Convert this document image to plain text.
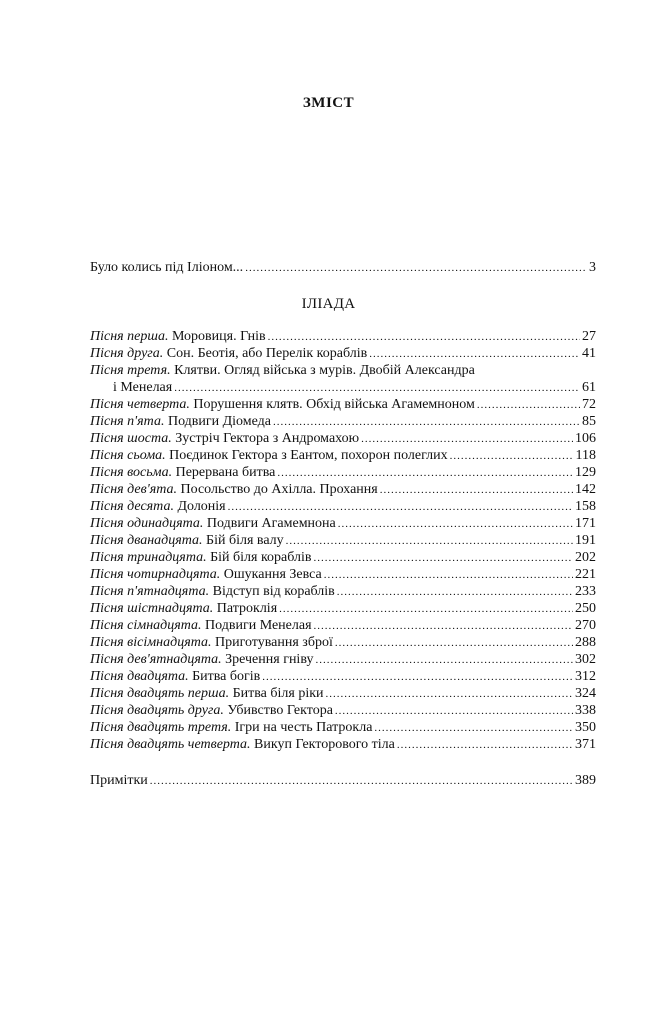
ЗМІСТ
Було колись під Іліоном... .....	3
ІЛІАДА
Пісня перша. Моровиця. Гнів .....	27
Пісня друга. Сон. Беотія, або Перелік кораблів .....	41
Пісня третя. Клятви. Огляд війська з мурів. Двобій Александра
і Менелая .....	61
Пісня четверта. Порушення клятв. Обхід війська Агамемноном .....	72
Пісня п'ята. Подвиги Діомеда .....	85
Пісня шоста. Зустріч Гектора з Андромахою .....	106
Пісня сьома. Поєдинок Гектора з Еантом, похорон полеглих .....	118
Пісня восьма. Перервана битва .....	129
Пісня дев'ята. Посольство до Ахілла. Прохання .....	142
Пісня десята. Долонія .....	158
Пісня одинадцята. Подвиги Агамемнона .....	171
Пісня дванадцята. Бій біля валу .....	191
Пісня тринадцята. Бій біля кораблів .....	202
Пісня чотирнадцята. Ошукання Зевса .....	221
Пісня п'ятнадцята. Відступ від кораблів .....	233
Пісня шістнадцята. Патроклія .....	250
Пісня сімнадцята. Подвиги Менелая .....	270
Пісня вісімнадцята. Приготування зброї .....	288
Пісня дев'ятнадцята. Зречення гніву .....	302
Пісня двадцята. Битва богів .....	312
Пісня двадцять перша. Битва біля ріки .....	324
Пісня двадцять друга. Убивство Гектора .....	338
Пісня двадцять третя. Ігри на честь Патрокла .....	350
Пісня двадцять четверта. Викуп Гекторового тіла .....	371
Примітки .....	389
